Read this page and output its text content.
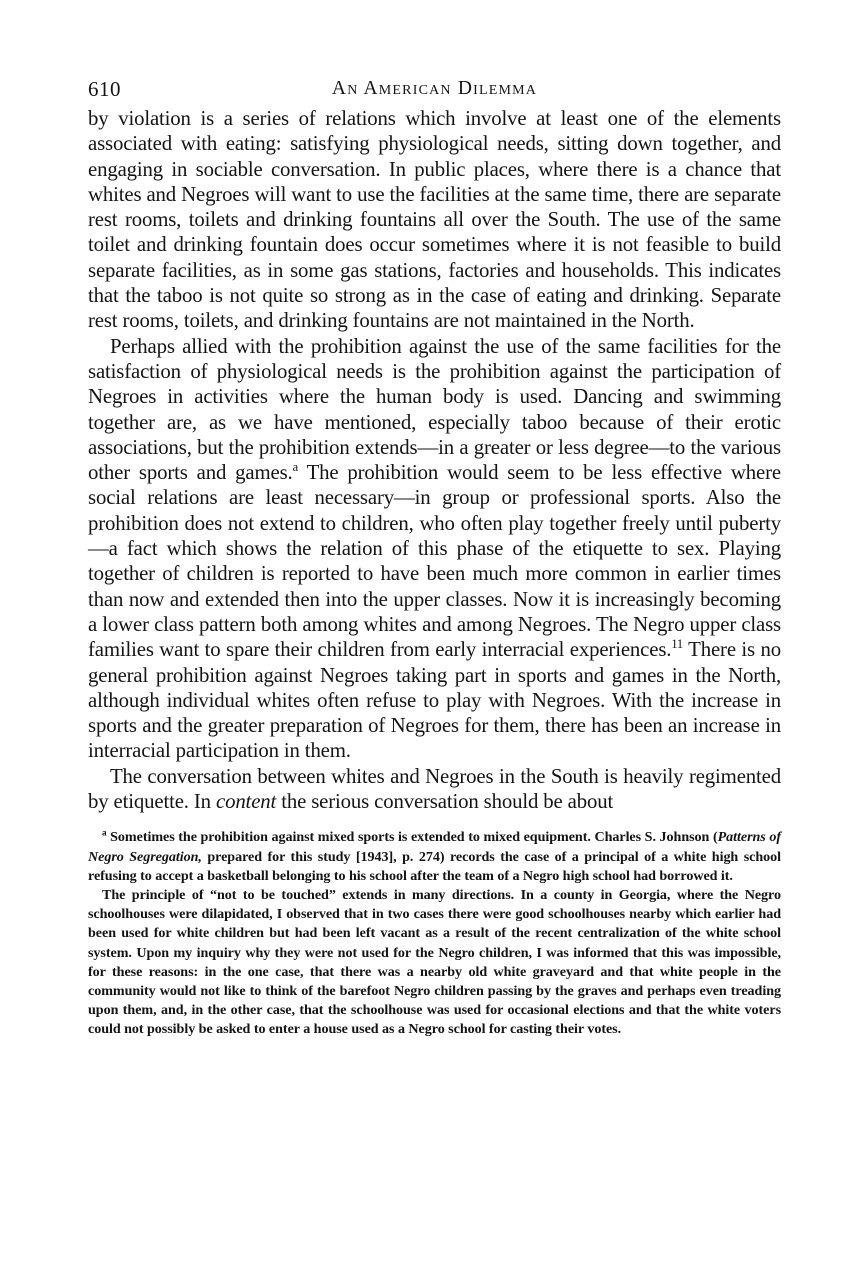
610	An American Dilemma

by violation is a series of relations which involve at least one of the elements associated with eating: satisfying physiological needs, sitting down together, and engaging in sociable conversation. In public places, where there is a chance that whites and Negroes will want to use the facilities at the same time, there are separate rest rooms, toilets and drinking fountains all over the South. The use of the same toilet and drinking fountain does occur sometimes where it is not feasible to build separate facilities, as in some gas stations, factories and households. This indicates that the taboo is not quite so strong as in the case of eating and drinking. Separate rest rooms, toilets, and drinking fountains are not maintained in the North.

Perhaps allied with the prohibition against the use of the same facilities for the satisfaction of physiological needs is the prohibition against the participation of Negroes in activities where the human body is used. Dancing and swimming together are, as we have mentioned, especially taboo because of their erotic associations, but the prohibition extends—in a greater or less degree—to the various other sports and games.$^a$ The prohibition would seem to be less effective where social relations are least necessary—in group or professional sports. Also the prohibition does not extend to children, who often play together freely until puberty—a fact which shows the relation of this phase of the etiquette to sex. Playing together of children is reported to have been much more common in earlier times than now and extended then into the upper classes. Now it is increasingly becoming a lower class pattern both among whites and among Negroes. The Negro upper class families want to spare their children from early interracial experiences.$^{11}$ There is no general prohibition against Negroes taking part in sports and games in the North, although individual whites often refuse to play with Negroes. With the increase in sports and the greater preparation of Negroes for them, there has been an increase in interracial participation in them.

The conversation between whites and Negroes in the South is heavily regimented by etiquette. In content the serious conversation should be about

$^a$ Sometimes the prohibition against mixed sports is extended to mixed equipment. Charles S. Johnson (Patterns of Negro Segregation, prepared for this study [1943], p. 274) records the case of a principal of a white high school refusing to accept a basketball belonging to his school after the team of a Negro high school had borrowed it.

The principle of “not to be touched” extends in many directions. In a county in Georgia, where the Negro schoolhouses were dilapidated, I observed that in two cases there were good schoolhouses nearby which earlier had been used for white children but had been left vacant as a result of the recent centralization of the white school system. Upon my inquiry why they were not used for the Negro children, I was informed that this was impossible, for these reasons: in the one case, that there was a nearby old white graveyard and that white people in the community would not like to think of the barefoot Negro children passing by the graves and perhaps even treading upon them, and, in the other case, that the schoolhouse was used for occasional elections and that the white voters could not possibly be asked to enter a house used as a Negro school for casting their votes.
